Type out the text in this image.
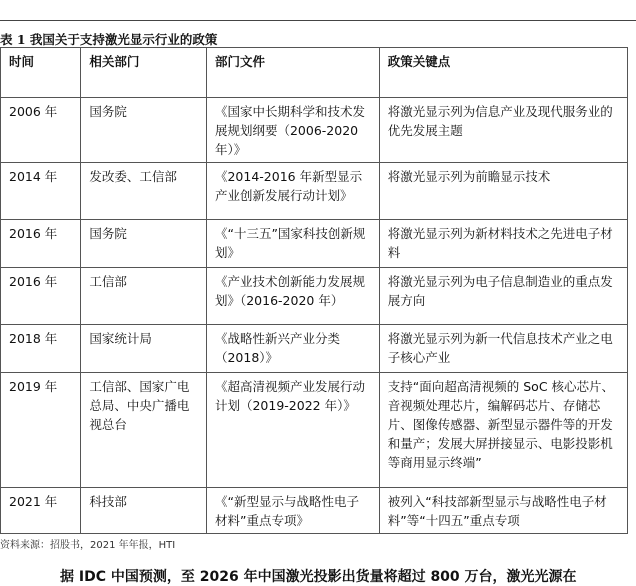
表 1 我国关于支持激光显示行业的政策
时间	相关部门	部门文件	政策关键点
2006 年	国务院	《国家中长期科学和技术发展规划纲要（2006-2020 年）》	将激光显示列为信息产业及现代服务业的优先发展主题
2014 年	发改委、工信部	《2014-2016 年新型显示产业创新发展行动计划》	将激光显示列为前瞻显示技术
2016 年	国务院	《“十三五”国家科技创新规划》	将激光显示列为新材料技术之先进电子材料
2016 年	工信部	《产业技术创新能力发展规划》（2016-2020 年）	将激光显示列为电子信息制造业的重点发展方向
2018 年	国家统计局	《战略性新兴产业分类（2018）》	将激光显示列为新一代信息技术产业之电子核心产业
2019 年	工信部、国家广电总局、中央广播电视总台	《超高清视频产业发展行动计划（2019-2022 年）》	支持“面向超高清视频的 SoC 核心芯片、音视频处理芯片，编解码芯片、存储芯片、图像传感器、新型显示器件等的开发和量产；发展大屏拼接显示、电影投影机等商用显示终端”
2021 年	科技部	《“新型显示与战略性电子材料”重点专项》	被列入“科技部新型显示与战略性电子材料”等“十四五”重点专项
资料来源：招股书，2021 年年报，HTI
据 IDC 中国预测，至 2026 年中国激光投影出货量将超过 800 万台，激光光源在
